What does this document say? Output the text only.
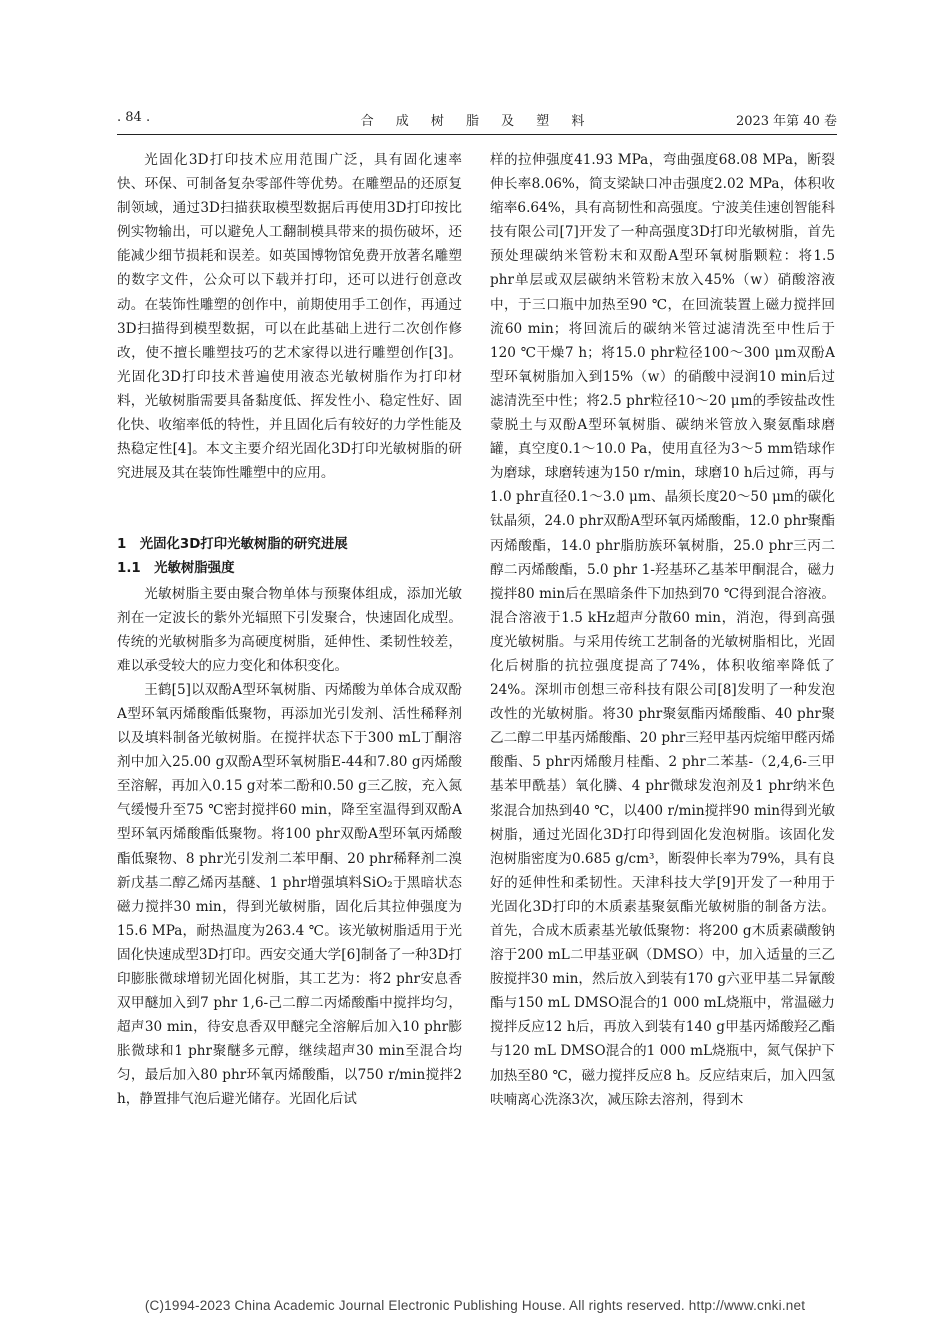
. 84 .	合 成 树 脂 及 塑 料	2023 年第 40 卷

光固化3D打印技术应用范围广泛，具有固化速率快、环保、可制备复杂零部件等优势。在雕塑品的还原复制领域，通过3D扫描获取模型数据后再使用3D打印按比例实物输出，可以避免人工翻制模具带来的损伤破坏，还能减少细节损耗和误差。如英国博物馆免费开放著名雕塑的数字文件，公众可以下载并打印，还可以进行创意改动。在装饰性雕塑的创作中，前期使用手工创作，再通过3D扫描得到模型数据，可以在此基础上进行二次创作修改，使不擅长雕塑技巧的艺术家得以进行雕塑创作[3]。光固化3D打印技术普遍使用液态光敏树脂作为打印材料，光敏树脂需要具备黏度低、挥发性小、稳定性好、固化快、收缩率低的特性，并且固化后有较好的力学性能及热稳定性[4]。本文主要介绍光固化3D打印光敏树脂的研究进展及其在装饰性雕塑中的应用。

1　光固化3D打印光敏树脂的研究进展

1.1　光敏树脂强度

光敏树脂主要由聚合物单体与预聚体组成，添加光敏剂在一定波长的紫外光辐照下引发聚合，快速固化成型。传统的光敏树脂多为高硬度树脂，延伸性、柔韧性较差，难以承受较大的应力变化和体积变化。

王鹤[5]以双酚A型环氧树脂、丙烯酸为单体合成双酚A型环氧丙烯酸酯低聚物，再添加光引发剂、活性稀释剂以及填料制备光敏树脂。在搅拌状态下于300 mL丁酮溶剂中加入25.00 g双酚A型环氧树脂E-44和7.80 g丙烯酸至溶解，再加入0.15 g对苯二酚和0.50 g三乙胺，充入氮气缓慢升至75 ℃密封搅拌60 min，降至室温得到双酚A型环氧丙烯酸酯低聚物。将100 phr双酚A型环氧丙烯酸酯低聚物、8 phr光引发剂二苯甲酮、20 phr稀释剂二溴新戊基二醇乙烯丙基醚、1 phr增强填料SiO₂于黑暗状态磁力搅拌30 min，得到光敏树脂，固化后其拉伸强度为15.6 MPa，耐热温度为263.4 ℃。该光敏树脂适用于光固化快速成型3D打印。西安交通大学[6]制备了一种3D打印膨胀微球增韧光固化树脂，其工艺为：将2 phr安息香双甲醚加入到7 phr 1,6-己二醇二丙烯酸酯中搅拌均匀，超声30 min，待安息香双甲醚完全溶解后加入10 phr膨胀微球和1 phr聚醚多元醇，继续超声30 min至混合均匀，最后加入80 phr环氧丙烯酸酯，以750 r/min搅拌2 h，静置排气泡后避光储存。光固化后试

样的拉伸强度41.93 MPa，弯曲强度68.08 MPa，断裂伸长率8.06%，简支梁缺口冲击强度2.02 MPa，体积收缩率6.64%，具有高韧性和高强度。宁波美佳速创智能科技有限公司[7]开发了一种高强度3D打印光敏树脂，首先预处理碳纳米管粉末和双酚A型环氧树脂颗粒：将1.5 phr单层或双层碳纳米管粉末放入45%（w）硝酸溶液中，于三口瓶中加热至90 ℃，在回流装置上磁力搅拌回流60 min；将回流后的碳纳米管过滤清洗至中性后于120 ℃干燥7 h；将15.0 phr粒径100～300 μm双酚A型环氧树脂加入到15%（w）的硝酸中浸润10 min后过滤清洗至中性；将2.5 phr粒径10～20 μm的季铵盐改性蒙脱土与双酚A型环氧树脂、碳纳米管放入聚氨酯球磨罐，真空度0.1～10.0 Pa，使用直径为3～5 mm锆球作为磨球，球磨转速为150 r/min，球磨10 h后过筛，再与1.0 phr直径0.1～3.0 μm、晶须长度20～50 μm的碳化钛晶须，24.0 phr双酚A型环氧丙烯酸酯，12.0 phr聚酯丙烯酸酯，14.0 phr脂肪族环氧树脂，25.0 phr三丙二醇二丙烯酸酯，5.0 phr 1-羟基环乙基苯甲酮混合，磁力搅拌80 min后在黑暗条件下加热到70 ℃得到混合溶液。混合溶液于1.5 kHz超声分散60 min，消泡，得到高强度光敏树脂。与采用传统工艺制备的光敏树脂相比，光固化后树脂的抗拉强度提高了74%，体积收缩率降低了24%。深圳市创想三帝科技有限公司[8]发明了一种发泡改性的光敏树脂。将30 phr聚氨酯丙烯酸酯、40 phr聚乙二醇二甲基丙烯酸酯、20 phr三羟甲基丙烷缩甲醛丙烯酸酯、5 phr丙烯酸月桂酯、2 phr二苯基-（2,4,6-三甲基苯甲酰基）氧化膦、4 phr微球发泡剂及1 phr纳米色浆混合加热到40 ℃，以400 r/min搅拌90 min得到光敏树脂，通过光固化3D打印得到固化发泡树脂。该固化发泡树脂密度为0.685 g/cm³，断裂伸长率为79%，具有良好的延伸性和柔韧性。天津科技大学[9]开发了一种用于光固化3D打印的木质素基聚氨酯光敏树脂的制备方法。首先，合成木质素基光敏低聚物：将200 g木质素磺酸钠溶于200 mL二甲基亚砜（DMSO）中，加入适量的三乙胺搅拌30 min，然后放入到装有170 g六亚甲基二异氰酸酯与150 mL DMSO混合的1 000 mL烧瓶中，常温磁力搅拌反应12 h后，再放入到装有140 g甲基丙烯酸羟乙酯与120 mL DMSO混合的1 000 mL烧瓶中，氮气保护下加热至80 ℃，磁力搅拌反应8 h。反应结束后，加入四氢呋喃离心洗涤3次，减压除去溶剂，得到木

(C)1994-2023 China Academic Journal Electronic Publishing House. All rights reserved. http://www.cnki.net
